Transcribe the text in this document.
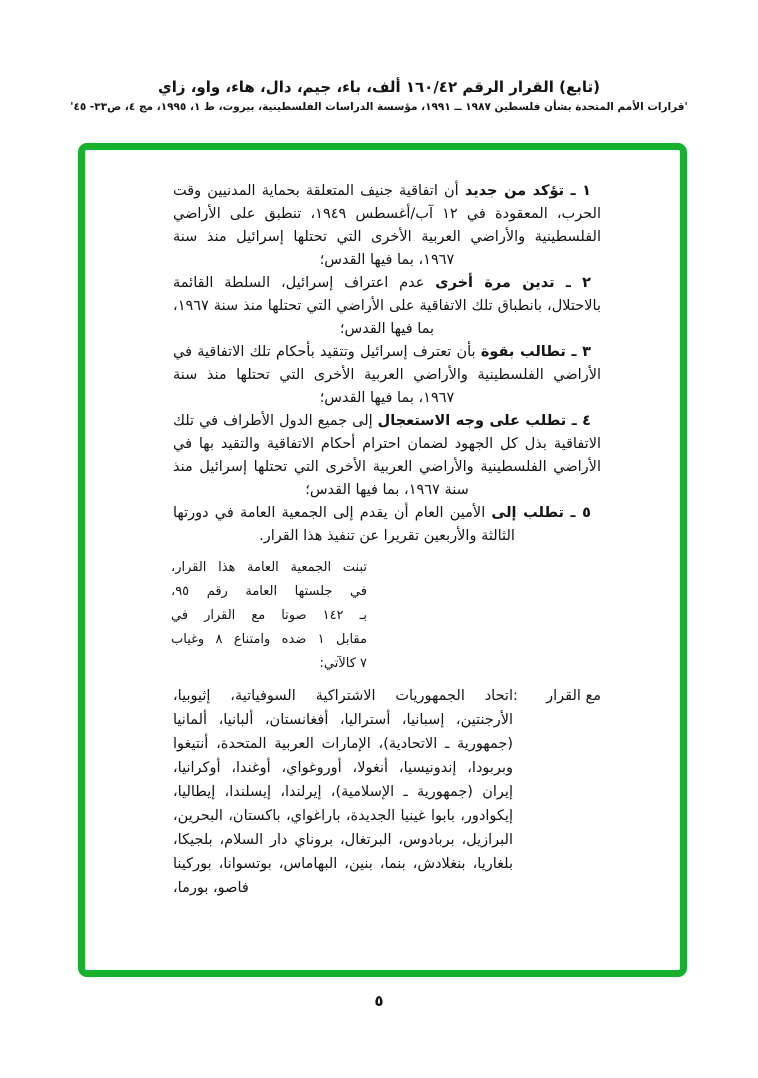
(تابع) القرار الرقم ١٦٠/٤٢ ألف، باء، جيم، دال، هاء، واو، زاي
'قرارات الأمم المتحدة بشأن فلسطين ١٩٨٧ ــ ١٩٩١، مؤسسة الدراسات الفلسطينية، بيروت، ط ١، ١٩٩٥، مج ٤، ص٣٣- ٤٥'

١ ـ تؤكد من جديد أن اتفاقية جنيف المتعلقة بحماية المدنيين وقت الحرب، المعقودة في ١٢ آب/أغسطس ١٩٤٩، تنطبق على الأراضي الفلسطينية والأراضي العربية الأخرى التي تحتلها إسرائيل منذ سنة ١٩٦٧، بما فيها القدس؛

٢ ـ تدين مرة أخرى عدم اعتراف إسرائيل، السلطة القائمة بالاحتلال، بانطباق تلك الاتفاقية على الأراضي التي تحتلها منذ سنة ١٩٦٧، بما فيها القدس؛

٣ ـ تطالب بقوة بأن تعترف إسرائيل وتتقيد بأحكام تلك الاتفاقية في الأراضي الفلسطينية والأراضي العربية الأخرى التي تحتلها منذ سنة ١٩٦٧، بما فيها القدس؛

٤ ـ تطلب على وجه الاستعجال إلى جميع الدول الأطراف في تلك الاتفاقية بذل كل الجهود لضمان احترام أحكام الاتفاقية والتقيد بها في الأراضي الفلسطينية والأراضي العربية الأخرى التي تحتلها إسرائيل منذ سنة ١٩٦٧، بما فيها القدس؛

٥ ـ تطلب إلى الأمين العام أن يقدم إلى الجمعية العامة في دورتها الثالثة والأربعين تقريرا عن تنفيذ هذا القرار.

تبنت الجمعية العامة هذا القرار،
في جلستها العامة رقم ٩٥،
بـ ١٤٢ صوتا مع القرار في
مقابل ١ ضده وامتناع ٨ وغياب
٧ كالآتي:
مع القرار
:
اتحاد الجمهوريات الاشتراكية السوفياتية، إثيوبيا، الأرجنتين، إسبانيا، أستراليا، أفغانستان، ألبانيا، ألمانيا (جمهورية ـ الاتحادية)، الإمارات العربية المتحدة، أنتيغوا وبربودا، إندونيسيا، أنغولا، أوروغواي، أوغندا، أوكرانيا، إيران (جمهورية ـ الإسلامية)، إيرلندا، إيسلندا، إيطاليا، إيكوادور، بابوا غينيا الجديدة، باراغواي، باكستان، البحرين، البرازيل، بربادوس، البرتغال، بروناي دار السلام، بلجيكا، بلغاريا، بنغلادش، بنما، بنين، البهاماس، بوتسوانا، بوركينا فاصو، بورما،
٥
